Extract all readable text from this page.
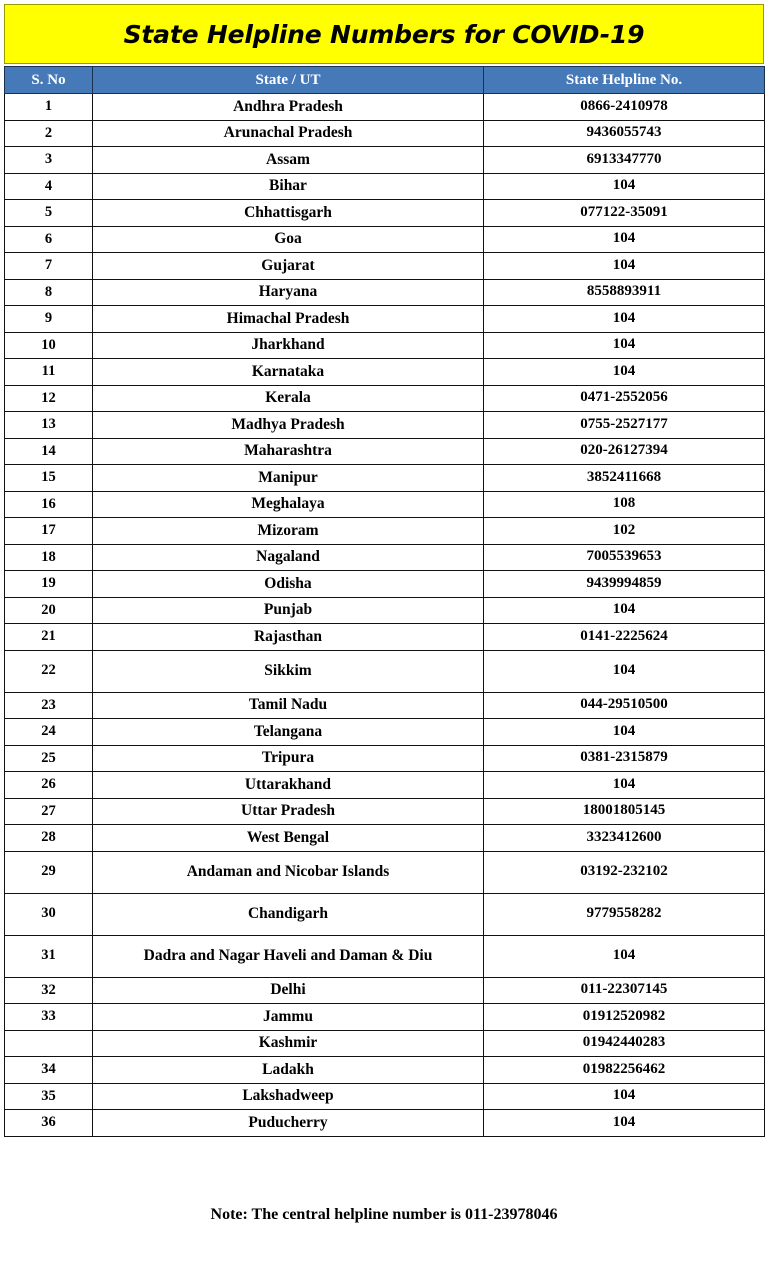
State Helpline Numbers for COVID-19
S. No	State / UT	State Helpline No.
1	Andhra Pradesh	0866-2410978
2	Arunachal Pradesh	9436055743
3	Assam	6913347770
4	Bihar	104
5	Chhattisgarh	077122-35091
6	Goa	104
7	Gujarat	104
8	Haryana	8558893911
9	Himachal Pradesh	104
10	Jharkhand	104
11	Karnataka	104
12	Kerala	0471-2552056
13	Madhya Pradesh	0755-2527177
14	Maharashtra	020-26127394
15	Manipur	3852411668
16	Meghalaya	108
17	Mizoram	102
18	Nagaland	7005539653
19	Odisha	9439994859
20	Punjab	104
21	Rajasthan	0141-2225624
22	Sikkim	104
23	Tamil Nadu	044-29510500
24	Telangana	104
25	Tripura	0381-2315879
26	Uttarakhand	104
27	Uttar Pradesh	18001805145
28	West Bengal	3323412600
29	Andaman and Nicobar Islands	03192-232102
30	Chandigarh	9779558282
31	Dadra and Nagar Haveli and Daman & Diu	104
32	Delhi	011-22307145
33	Jammu	01912520982
	Kashmir	01942440283
34	Ladakh	01982256462
35	Lakshadweep	104
36	Puducherry	104
Note: The central helpline number is 011-23978046
